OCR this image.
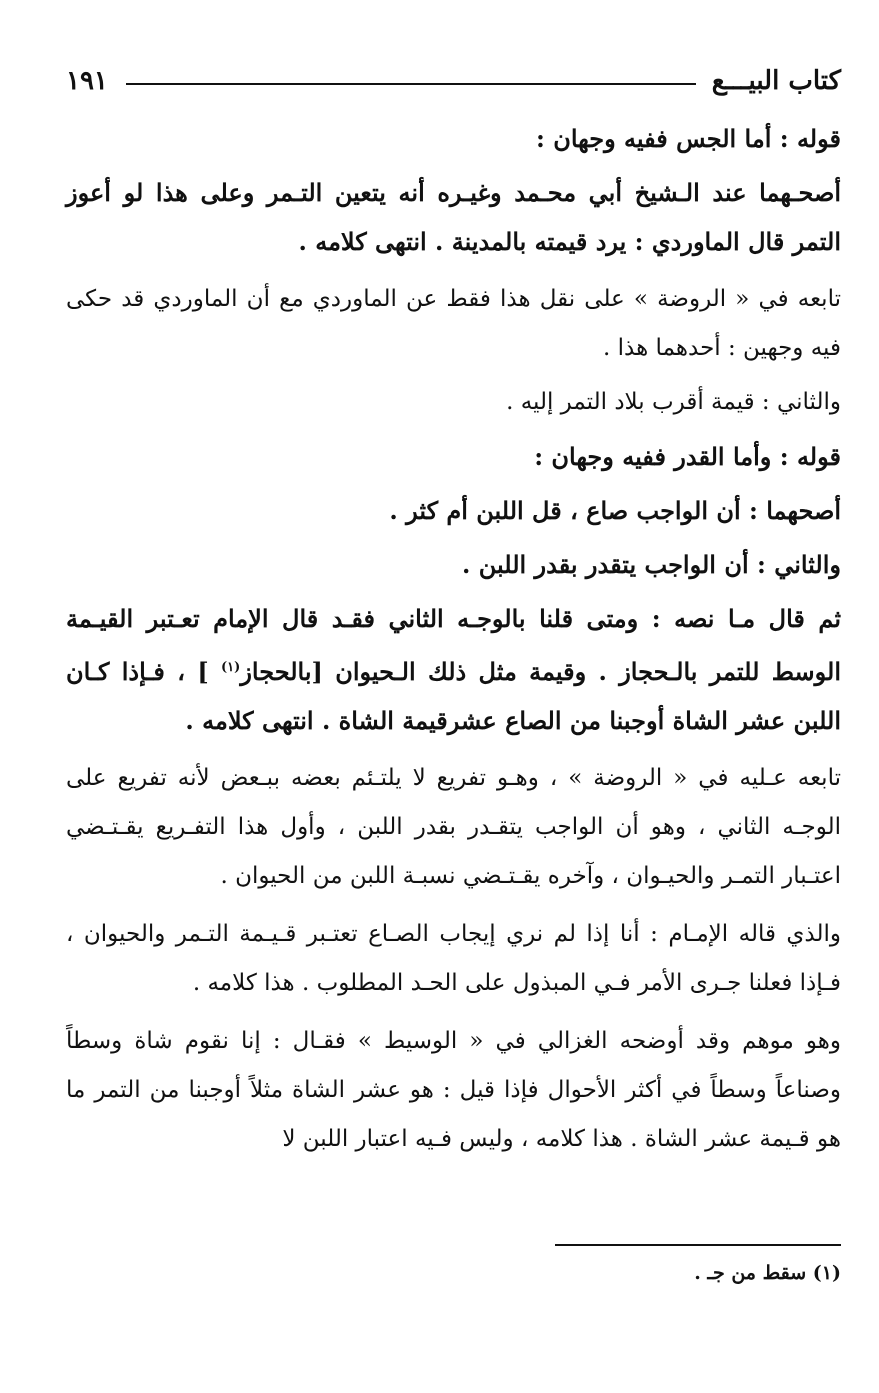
كتاب البيـــع
١٩١

قوله : أما الجس ففيه وجهان :

أصحـهما عند الـشيخ أبي محـمد وغيـره أنه يتعين التـمر وعلى هذا لو أعوز التمر قال الماوردي : يرد قيمته بالمدينة . انتهى كلامه .

تابعه في « الروضة » على نقل هذا فقط عن الماوردي مع أن الماوردي قد حكى فيه وجهين : أحدهما هذا .

والثاني : قيمة أقرب بلاد التمر إليه .

قوله : وأما القدر ففيه وجهان :

أصحهما : أن الواجب صاع ، قل اللبن أم كثر .

والثاني : أن الواجب يتقدر بقدر اللبن .

ثم قال مـا نصه : ومتى قلنا بالوجـه الثاني فقـد قال الإمام تعـتبر القيـمة الوسط للتمر بالـحجاز . وقيمة مثل ذلك الـحيوان [بالحجاز$^{(١)}$ ] ، فـإذا كـان اللبن عشر الشاة أوجبنا من الصاع عشرقيمة الشاة . انتهى كلامه .

تابعه عـليه في « الروضة » ، وهـو تفريع لا يلتـئم بعضه ببـعض لأنه تفريع على الوجـه الثاني ، وهو أن الواجب يتقـدر بقدر اللبن ، وأول هذا التفـريع يقـتـضي اعتـبار التمـر والحيـوان ، وآخره يقـتـضي نسبـة اللبن من الحيوان .

والذي قاله الإمـام : أنا إذا لم نري إيجاب الصـاع تعتـبر قـيـمة التـمر والحيوان ، فـإذا فعلنا جـرى الأمر فـي المبذول على الحـد المطلوب . هذا كلامه .

وهو موهم وقد أوضحه الغزالي في « الوسيط » فقـال : إنا نقوم شاة وسطاً وصناعاً وسطاً في أكثر الأحوال فإذا قيل : هو عشر الشاة مثلاً أوجبنا من التمر ما هو قـيمة عشر الشاة . هذا كلامه ، وليس فـيه اعتبار اللبن لا

(١) سقط من جـ .
